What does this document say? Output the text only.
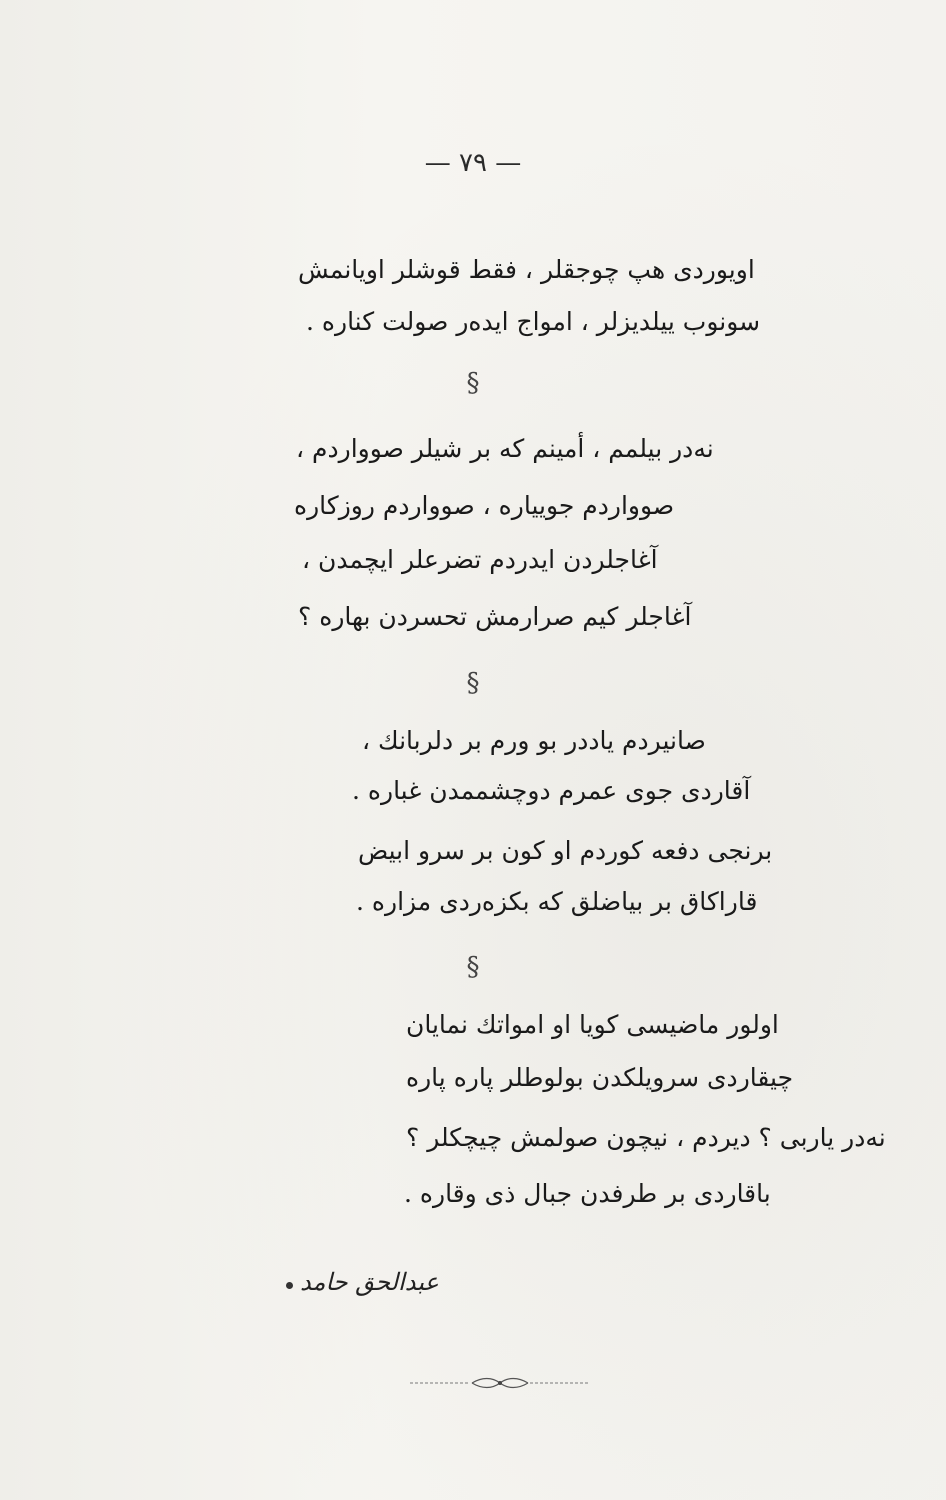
— ٧٩ —
اویوردی هپ چوجقلر ، فقط قوشلر اویانمش
سونوب ییلدیزلر ، امواج ایده‌ر صولت کناره .
§
نه‌در بیلمم ، أمینم که بر شیلر صوواردم ،
صوواردم جوییاره ، صوواردم روزکاره
آغاجلردن ایدردم تضرعلر ایچمدن ،
آغاجلر کیم صرارمش تحسردن بهاره ؟
§
صانیردم یاددر بو ورم بر دلربانك ،
آقاردی جوی عمرم دوچشممدن غباره .
برنجی دفعه کوردم او کون بر سرو ابیض
قاراکاق بر بیاضلق که بکزه‌ردی مزاره .
§
اولور ماضیسی کویا او امواتك نمایان
چیقاردی سرویلکدن بولوطلر پاره پاره
نه‌در یاربی ؟ دیردم ، نیچون صولمش چیچکلر ؟
باقاردی بر طرفدن جبال ذی وقاره .
عبدالحق حامد
